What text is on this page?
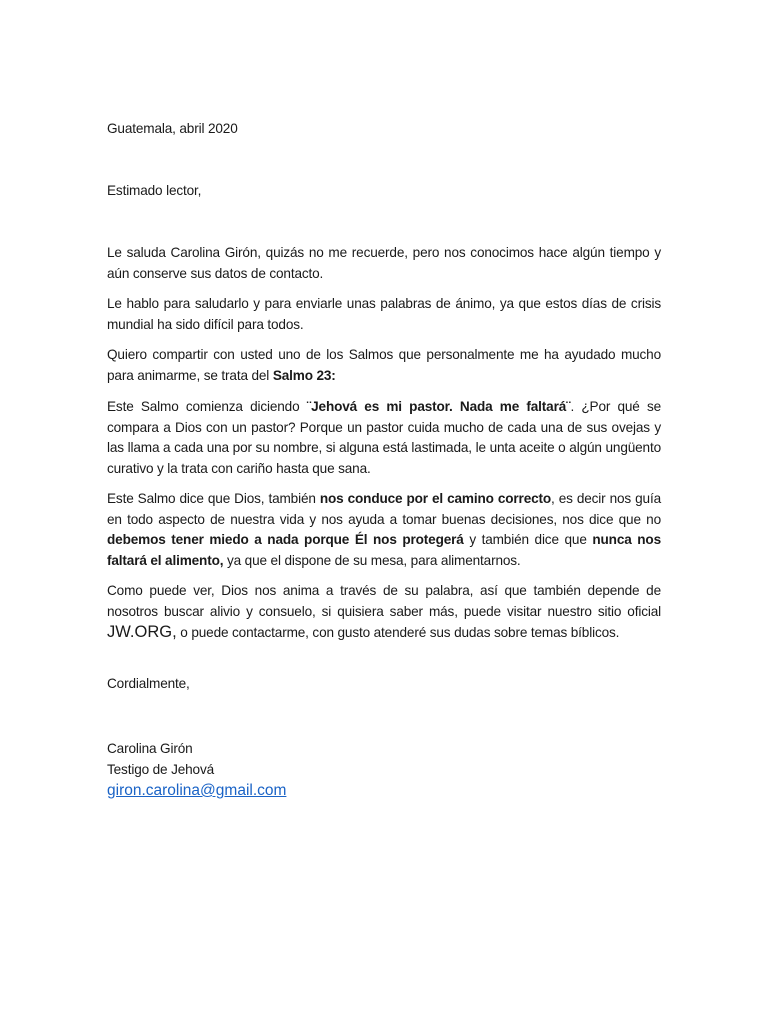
Guatemala, abril 2020
Estimado lector,
Le saluda Carolina Girón, quizás no me recuerde, pero nos conocimos hace algún tiempo y aún conserve sus datos de contacto.
Le hablo para saludarlo y para enviarle unas palabras de ánimo, ya que estos días de crisis mundial ha sido difícil para todos.
Quiero compartir con usted uno de los Salmos que personalmente me ha ayudado mucho para animarme, se trata del Salmo 23:
Este Salmo comienza diciendo ¨Jehová es mi pastor. Nada me faltará¨. ¿Por qué se compara a Dios con un pastor? Porque un pastor cuida mucho de cada una de sus ovejas y las llama a cada una por su nombre, si alguna está lastimada, le unta aceite o algún ungüento curativo y la trata con cariño hasta que sana.
Este Salmo dice que Dios, también nos conduce por el camino correcto, es decir nos guía en todo aspecto de nuestra vida y nos ayuda a tomar buenas decisiones, nos dice que no debemos tener miedo a nada porque Él nos protegerá y también dice que nunca nos faltará el alimento, ya que el dispone de su mesa, para alimentarnos.
Como puede ver, Dios nos anima a través de su palabra, así que también depende de nosotros buscar alivio y consuelo, si quisiera saber más, puede visitar nuestro sitio oficial JW.ORG, o puede contactarme, con gusto atenderé sus dudas sobre temas bíblicos.
Cordialmente,
Carolina Girón
Testigo de Jehová
giron.carolina@gmail.com
